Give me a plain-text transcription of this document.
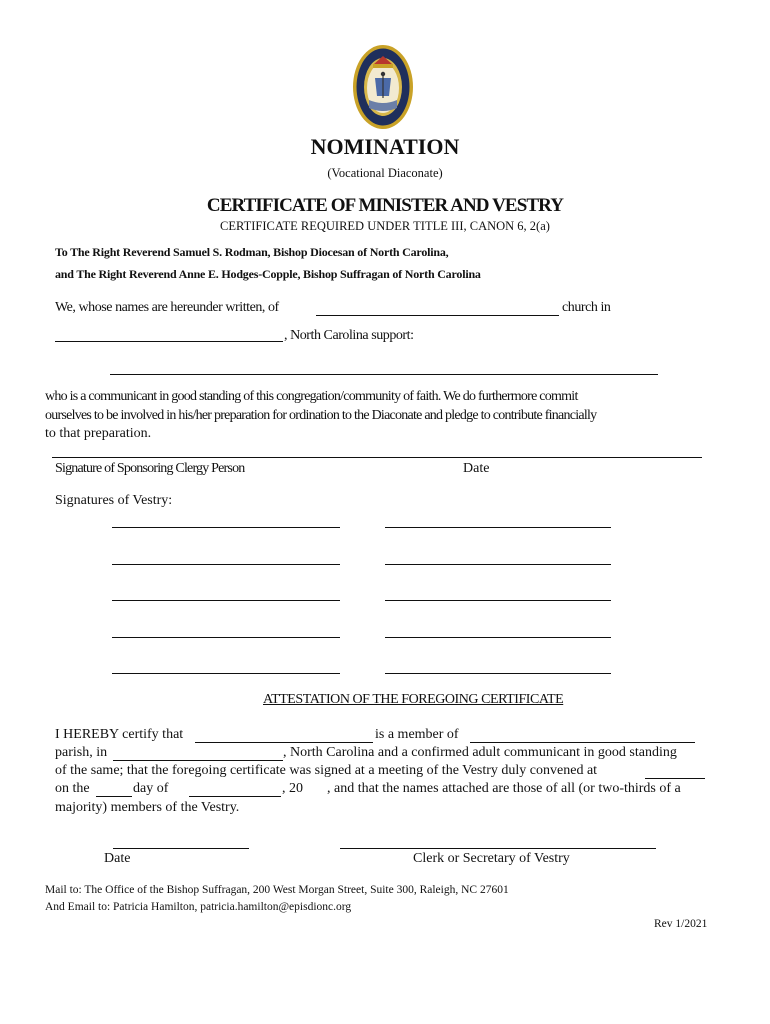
NOMINATION
(Vocational Diaconate)
CERTIFICATE OF MINISTER AND VESTRY
CERTIFICATE REQUIRED UNDER TITLE III, CANON 6, 2(a)
To The Right Reverend Samuel S. Rodman, Bishop Diocesan of North Carolina,
and The Right Reverend Anne E. Hodges-Copple, Bishop Suffragan of North Carolina
We, whose names are hereunder written, of	church in
, North Carolina support:
who is a communicant in good standing of this congregation/community of faith. We do furthermore commit
ourselves to be involved in his/her preparation for ordination to the Diaconate and pledge to contribute financially
to that preparation.
Signature of Sponsoring Clergy Person	Date
Signatures of Vestry:
ATTESTATION OF THE FOREGOING CERTIFICATE
I HEREBY certify that	is a member of
parish, in	, North Carolina and a confirmed adult communicant in good standing
of the same; that the foregoing certificate was signed at a meeting of the Vestry duly convened at
on the	day of	, 20 , and that the names attached are those of all (or two-thirds of a
majority) members of the Vestry.
Date	Clerk or Secretary of Vestry
Mail to: The Office of the Bishop Suffragan, 200 West Morgan Street, Suite 300, Raleigh, NC 27601
And Email to: Patricia Hamilton, patricia.hamilton@episdionc.org
Rev 1/2021
